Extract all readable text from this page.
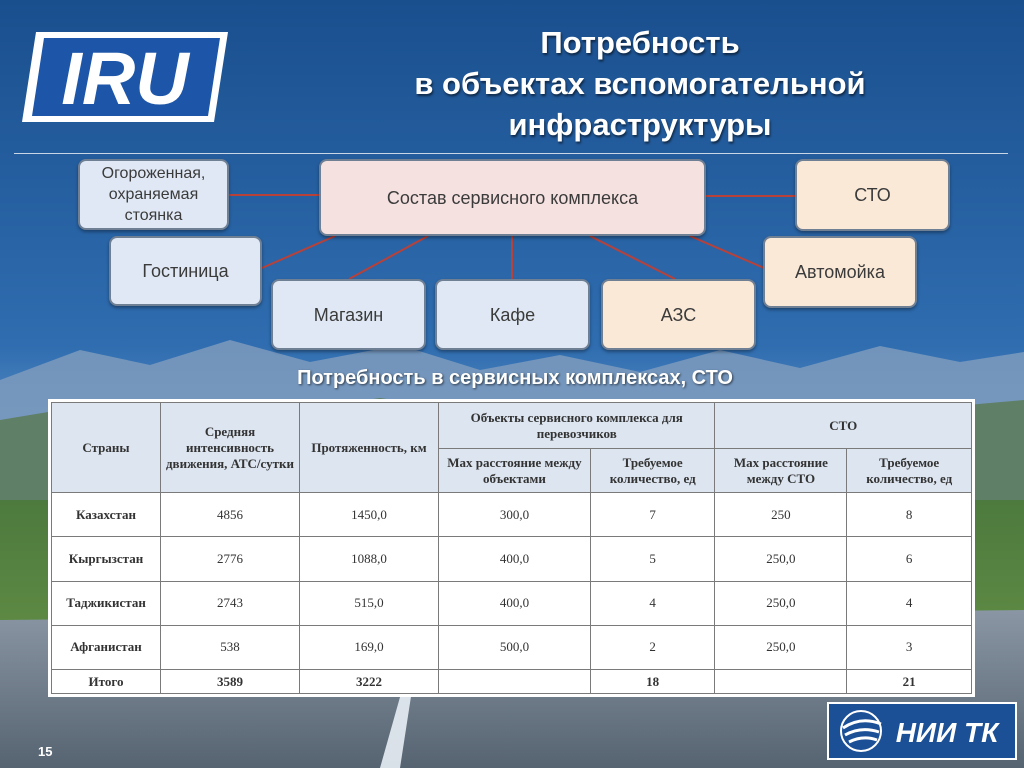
IRU	Потребность
в объектах вспомогательной
инфраструктуры
Огороженная,
охраняемая
стоянка
Состав сервисного комплекса	СТО
Гостиница	Автомойка
Магазин	Кафе	АЗС
Потребность в сервисных комплексах, СТО
Страны	Средняя интенсивность движения, АТС/сутки	Протяженность, км	Объекты сервисного комплекса для перевозчиков		СТО	
			Max расстояние между объектами	Требуемое количество, ед	Max расстояние между СТО	Требуемое количество, ед
Казахстан	4856	1450,0	300,0	7	250	8
Кыргызстан	2776	1088,0	400,0	5	250,0	6
Таджикистан	2743	515,0	400,0	4	250,0	4
Афганистан	538	169,0	500,0	2	250,0	3
Итого	3589	3222		18		21
15
НИИ ТК
